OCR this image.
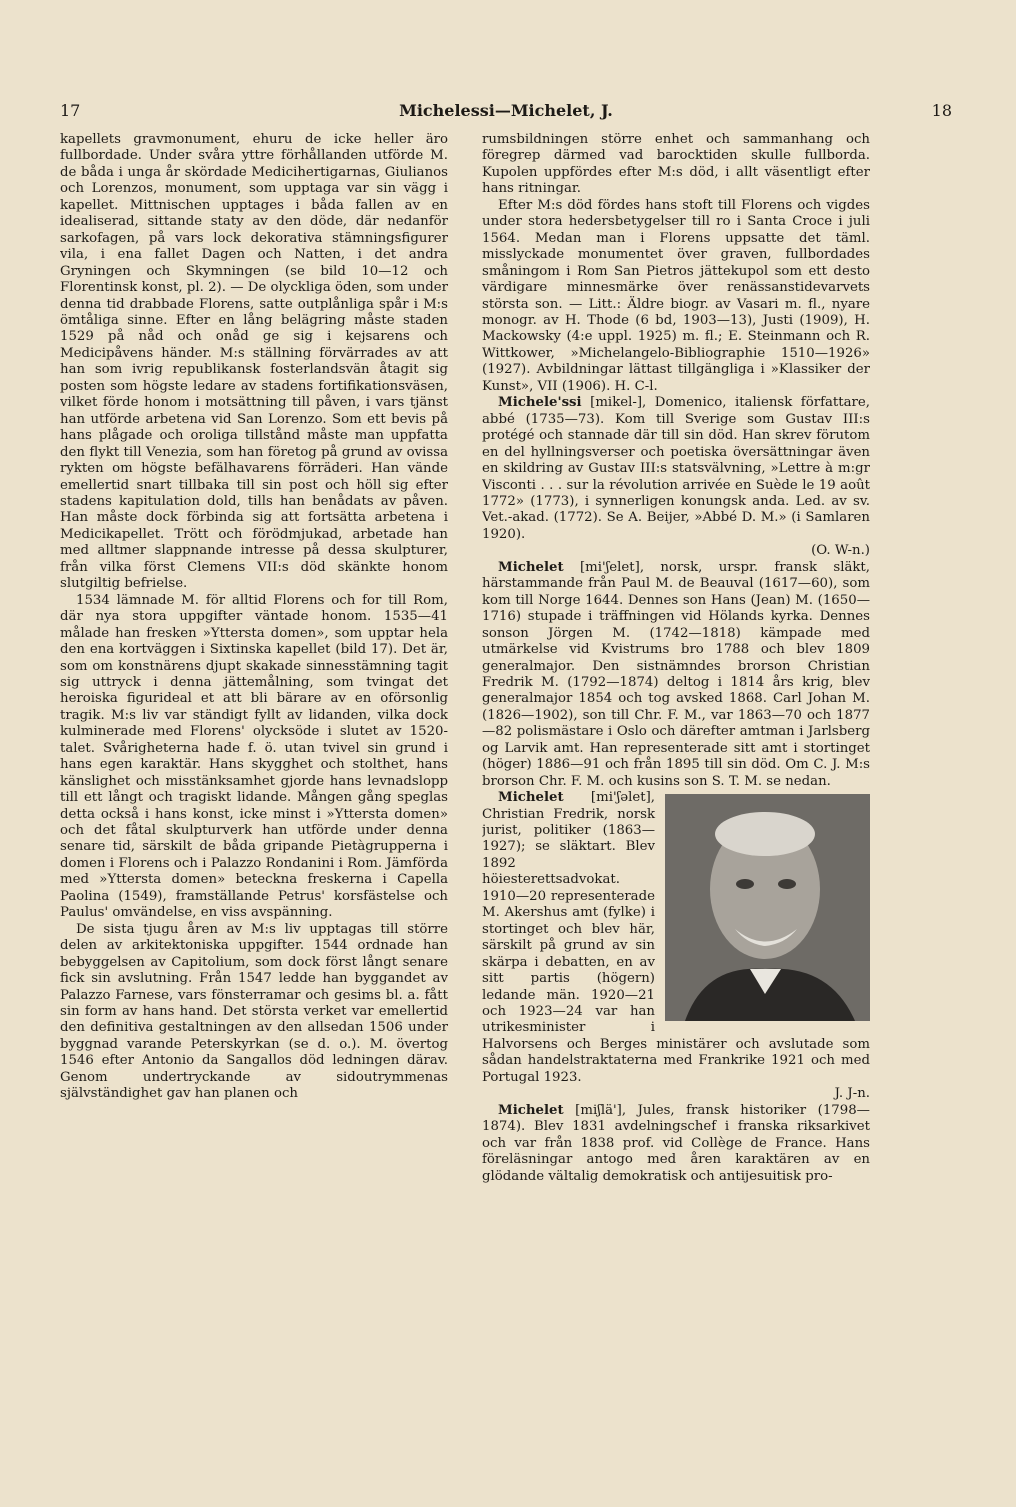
17	Michelessi—Michelet, J.	18

kapellets gravmonument, ehuru de icke heller äro fullbordade. Under svåra yttre förhållanden utförde M. de båda i unga år skördade Medicihertigarnas, Giulianos och Lorenzos, monument, som upptaga var sin vägg i kapellet. Mittnischen upptages i båda fallen av en idealiserad, sittande staty av den döde, där nedanför sarkofagen, på vars lock dekorativa stämningsfigurer vila, i ena fallet Dagen och Natten, i det andra Gryningen och Skymningen (se bild 10—12 och Florentinsk konst, pl. 2). — De olyckliga öden, som under denna tid drabbade Florens, satte outplånliga spår i M:s ömtåliga sinne. Efter en lång belägring måste staden 1529 på nåd och onåd ge sig i kejsarens och Medicipåvens händer. M:s ställning förvärrades av att han som ivrig republikansk fosterlandsvän åtagit sig posten som högste ledare av stadens fortifikationsväsen, vilket förde honom i motsättning till påven, i vars tjänst han utförde arbetena vid San Lorenzo. Som ett bevis på hans plågade och oroliga tillstånd måste man uppfatta den flykt till Venezia, som han företog på grund av ovissa rykten om högste befälhavarens förräderi. Han vände emellertid snart tillbaka till sin post och höll sig efter stadens kapitulation dold, tills han benådats av påven. Han måste dock förbinda sig att fortsätta arbetena i Medicikapellet. Trött och förödmjukad, arbetade han med alltmer slappnande intresse på dessa skulpturer, från vilka först Clemens VII:s död skänkte honom slutgiltig befrielse.

1534 lämnade M. för alltid Florens och for till Rom, där nya stora uppgifter väntade honom. 1535—41 målade han fresken »Yttersta domen», som upptar hela den ena kortväggen i Sixtinska kapellet (bild 17). Det är, som om konstnärens djupt skakade sinnesstämning tagit sig uttryck i denna jättemålning, som tvingat det heroiska figurideal et att bli bärare av en oförsonlig tragik. M:s liv var ständigt fyllt av lidanden, vilka dock kulminerade med Florens' olycksöde i slutet av 1520-talet. Svårigheterna hade f. ö. utan tvivel sin grund i hans egen karaktär. Hans skygghet och stolthet, hans känslighet och misstänksamhet gjorde hans levnadslopp till ett långt och tragiskt lidande. Mången gång speglas detta också i hans konst, icke minst i »Yttersta domen» och det fåtal skulpturverk han utförde under denna senare tid, särskilt de båda gripande Pietàgrupperna i domen i Florens och i Palazzo Rondanini i Rom. Jämförda med »Yttersta domen» beteckna freskerna i Capella Paolina (1549), framställande Petrus' korsfästelse och Paulus' omvändelse, en viss avspänning.

De sista tjugu åren av M:s liv upptagas till större delen av arkitektoniska uppgifter. 1544 ordnade han bebyggelsen av Capitolium, som dock först långt senare fick sin avslutning. Från 1547 ledde han byggandet av Palazzo Farnese, vars fönsterramar och gesims bl. a. fått sin form av hans hand. Det största verket var emellertid den definitiva gestaltningen av den allsedan 1506 under byggnad varande Peterskyrkan (se d. o.). M. övertog 1546 efter Antonio da Sangallos död ledningen därav. Genom undertryckande av sidoutrymmenas självständighet gav han planen och

rumsbildningen större enhet och sammanhang och föregrep därmed vad barocktiden skulle fullborda. Kupolen uppfördes efter M:s död, i allt väsentligt efter hans ritningar.

Efter M:s död fördes hans stoft till Florens och vigdes under stora hedersbetygelser till ro i Santa Croce i juli 1564. Medan man i Florens uppsatte det täml. misslyckade monumentet över graven, fullbordades småningom i Rom San Pietros jättekupol som ett desto värdigare minnesmärke över renässanstidevarvets största son. — Litt.: Äldre biogr. av Vasari m. fl., nyare monogr. av H. Thode (6 bd, 1903—13), Justi (1909), H. Mackowsky (4:e uppl. 1925) m. fl.; E. Steinmann och R. Wittkower, »Michelangelo-Bibliographie 1510—1926» (1927). Avbildningar lättast tillgängliga i »Klassiker der Kunst», VII (1906). H. C-l.

Michele'ssi [mikel-], Domenico, italiensk författare, abbé (1735—73). Kom till Sverige som Gustav III:s protégé och stannade där till sin död. Han skrev förutom en del hyllningsverser och poetiska översättningar även en skildring av Gustav III:s statsvälvning, »Lettre à m:gr Visconti . . . sur la révolution arrivée en Suède le 19 août 1772» (1773), i synnerligen konungsk anda. Led. av sv. Vet.-akad. (1772). Se A. Beijer, »Abbé D. M.» (i Samlaren 1920).
(O. W-n.)

Michelet [mi'ʃelet], norsk, urspr. fransk släkt, härstammande från Paul M. de Beauval (1617—60), som kom till Norge 1644. Dennes son Hans (Jean) M. (1650—1716) stupade i träffningen vid Hölands kyrka. Dennes sonson Jörgen M. (1742—1818) kämpade med utmärkelse vid Kvistrums bro 1788 och blev 1809 generalmajor. Den sistnämndes brorson Christian Fredrik M. (1792—1874) deltog i 1814 års krig, blev generalmajor 1854 och tog avsked 1868. Carl Johan M. (1826—1902), son till Chr. F. M., var 1863—70 och 1877—82 polismästare i Oslo och därefter amtman i Jarlsberg og Larvik amt. Han representerade sitt amt i stortinget (höger) 1886—91 och från 1895 till sin död. Om C. J. M:s brorson Chr. F. M. och kusins son S. T. M. se nedan.

Michelet [mi'ʃəlet], Christian Fredrik, norsk jurist, politiker (1863—1927); se släktart. Blev 1892 höiesterettsadvokat. 1910—20 representerade M. Akershus amt (fylke) i stortinget och blev här, särskilt på grund av sin skärpa i debatten, en av sitt partis (högern) ledande män. 1920—21 och 1923—24 var han utrikesminister i Halvorsens och Berges ministärer och avslutade som sådan handelstraktaterna med Frankrike 1921 och med Portugal 1923.
J. J-n.

Michelet [miʃlä'], Jules, fransk historiker (1798—1874). Blev 1831 avdelningschef i franska riksarkivet och var från 1838 prof. vid Collège de France. Hans föreläsningar antogo med åren karaktären av en glödande vältalig demokratisk och antijesuitisk pro-
